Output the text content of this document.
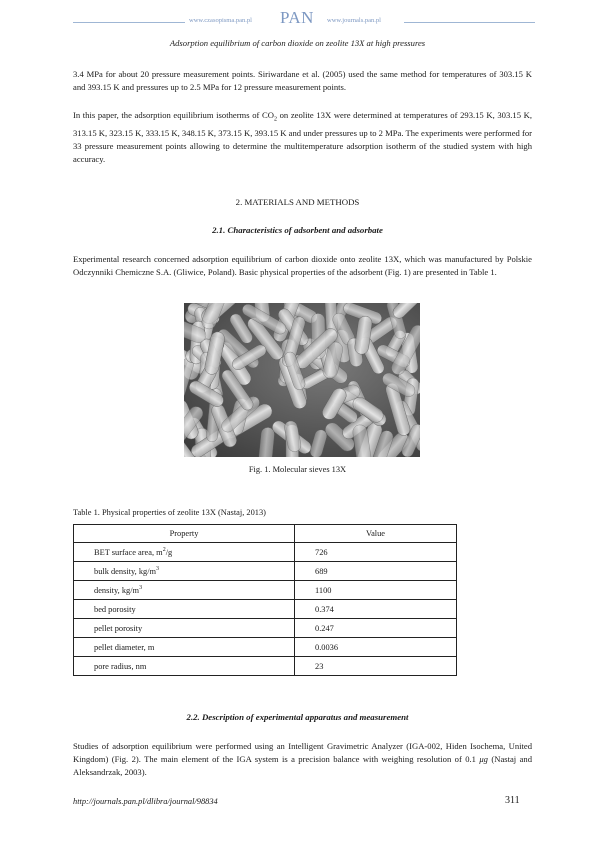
www.czasopisma.pan.pl PAN www.journals.pan.pl
Adsorption equilibrium of carbon dioxide on zeolite 13X at high pressures

3.4 MPa for about 20 pressure measurement points. Siriwardane et al. (2005) used the same method for temperatures of 303.15 K and 393.15 K and pressures up to 2.5 MPa for 12 pressure measurement points.

In this paper, the adsorption equilibrium isotherms of $CO_2$ on zeolite 13X were determined at temperatures of 293.15 K, 303.15 K, 313.15 K, 323.15 K, 333.15 K, 348.15 K, 373.15 K, 393.15 K and under pressures up to 2 MPa. The experiments were performed for 33 pressure measurement points allowing to determine the multitemperature adsorption isotherm of the studied system with high accuracy.

2. MATERIALS AND METHODS
2.1. Characteristics of adsorbent and adsorbate

Experimental research concerned adsorption equilibrium of carbon dioxide onto zeolite 13X, which was manufactured by Polskie Odczynniki Chemiczne S.A. (Gliwice, Poland). Basic physical properties of the adsorbent (Fig. 1) are presented in Table 1.

Fig. 1. Molecular sieves 13X
Table 1. Physical properties of zeolite 13X (Nastaj, 2013)
Property	Value
BET surface area, $m^2/g$	726
bulk density, $kg/m^3$	689
density, $kg/m^3$	1100
bed porosity	0.374
pellet porosity	0.247
pellet diameter, m	0.0036
pore radius, nm	23
2.2. Description of experimental apparatus and measurement

Studies of adsorption equilibrium were performed using an Intelligent Gravimetric Analyzer (IGA-002, Hiden Isochema, United Kingdom) (Fig. 2). The main element of the IGA system is a precision balance with weighing resolution of 0.1 μg (Nastaj and Aleksandrzak, 2003).

http://journals.pan.pl/dlibra/journal/98834	311
